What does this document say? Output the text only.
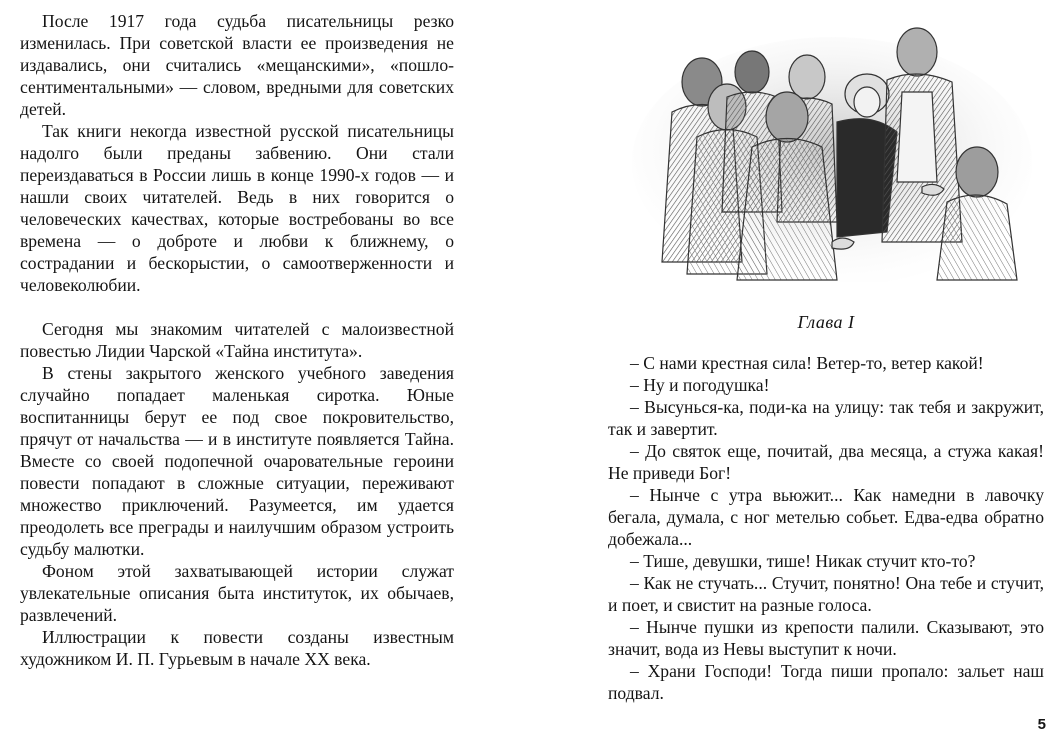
После 1917 года судьба писательницы резко изменилась. При советской власти ее произведения не издавались, они считались «мещанскими», «пошло-сентиментальными» — словом, вредными для советских детей.

Так книги некогда известной русской писательницы надолго были преданы забвению. Они стали переиздаваться в России лишь в конце 1990-х годов — и нашли своих читателей. Ведь в них говорится о человеческих качествах, которые востребованы во все времена — о доброте и любви к ближнему, о сострадании и бескорыстии, о самоотверженности и человеколюбии.

Сегодня мы знакомим читателей с малоизвестной повестью Лидии Чарской «Тайна института».

В стены закрытого женского учебного заведения случайно попадает маленькая сиротка. Юные воспитанницы берут ее под свое покровительство, прячут от начальства — и в институте появляется Тайна. Вместе со своей подопечной очаровательные героини повести попадают в сложные ситуации, переживают множество приключений. Разумеется, им удается преодолеть все преграды и наилучшим образом устроить судьбу малютки.

Фоном этой захватывающей истории служат увлекательные описания быта институток, их обычаев, развлечений.

Иллюстрации к повести созданы известным художником И. П. Гурьевым в начале XX века.

Глава I

– С нами крестная сила! Ветер-то, ветер какой!

– Ну и погодушка!

– Высунься-ка, поди-ка на улицу: так тебя и закружит, так и завертит.

– До святок еще, почитай, два месяца, а стужа какая! Не приведи Бог!

– Нынче с утра вьюжит... Как намедни в лавочку бегала, думала, с ног метелью собьет. Едва-едва обратно добежала...

– Тише, девушки, тише! Никак стучит кто-то?

– Как не стучать... Стучит, понятно! Она тебе и стучит, и поет, и свистит на разные голоса.

– Нынче пушки из крепости палили. Сказывают, это значит, вода из Невы выступит к ночи.

– Храни Господи! Тогда пиши пропало: зальет наш подвал.

5
